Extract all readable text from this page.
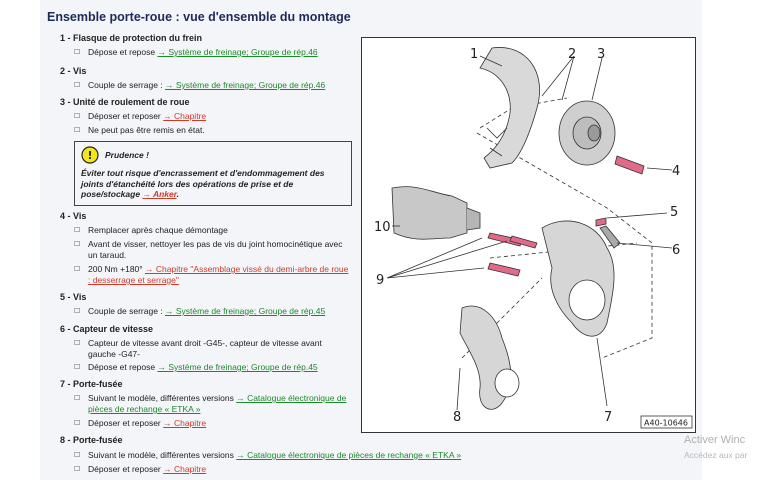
Ensemble porte-roue : vue d'ensemble du montage
1 - Flasque de protection du frein
☐ Dépose et repose → Système de freinage; Groupe de rép.46
2 - Vis
☐ Couple de serrage : → Système de freinage; Groupe de rép.46
3 - Unité de roulement de roue
☐ Déposer et reposer → Chapitre
☐ Ne peut pas être remis en état.
! Prudence !
Éviter tout risque d'encrassement et d'endommagement des joints d'étanchéité lors des opérations de prise et de pose/stockage → Anker.
4 - Vis
☐ Remplacer après chaque démontage
☐ Avant de visser, nettoyer les pas de vis du joint homocinétique avec un taraud.
☐ 200 Nm +180° → Chapitre "Assemblage vissé du demi-arbre de roue : desserrage et serrage"
5 - Vis
☐ Couple de serrage : → Système de freinage; Groupe de rép.45
6 - Capteur de vitesse
☐ Capteur de vitesse avant droit -G45-, capteur de vitesse avant gauche -G47-
☐ Dépose et repose → Système de freinage; Groupe de rép.45
7 - Porte-fusée
☐ Suivant le modèle, différentes versions → Catalogue électronique de pièces de rechange « ETKA »
☐ Déposer et reposer → Chapitre
8 - Porte-fusée
☐ Suivant le modèle, différentes versions → Catalogue électronique de pièces de rechange « ETKA »
☐ Déposer et reposer → Chapitre
1	2 3
4
5
6
7
8
9
10
A40-10646
Activer Winc
Accédez aux par
